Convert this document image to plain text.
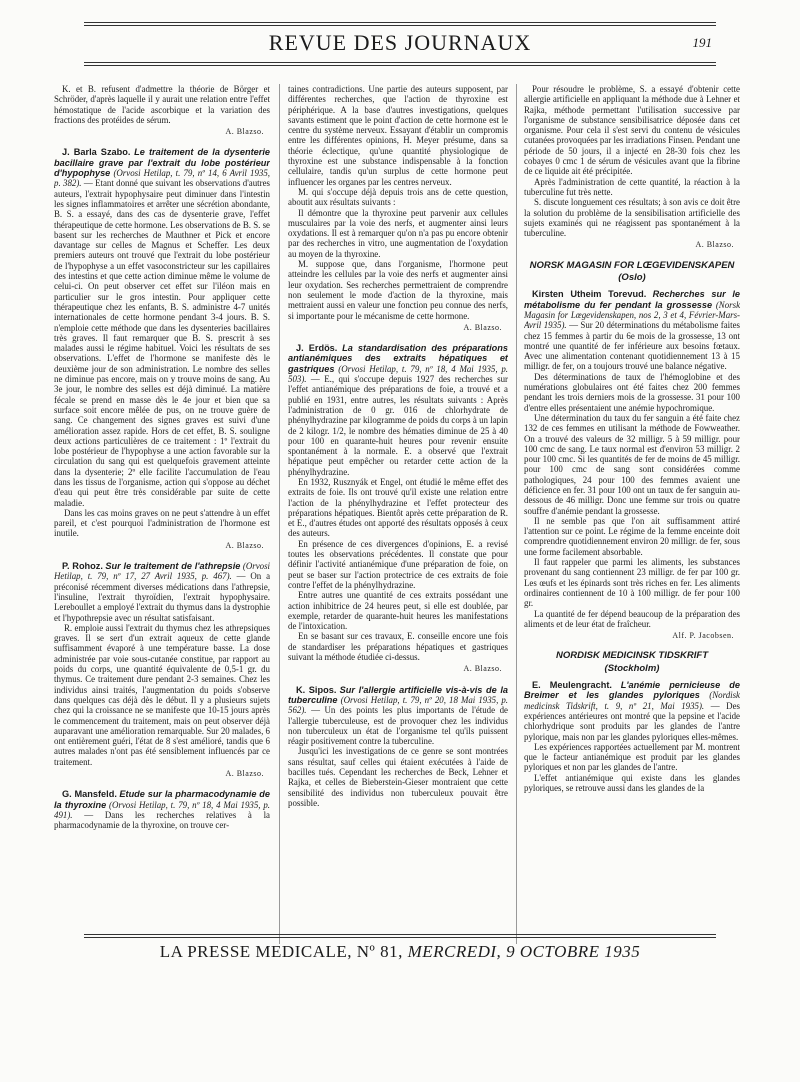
REVUE DES JOURNAUX	191

K. et B. refusent d'admettre la théorie de Börger et Schröder, d'après laquelle il y aurait une relation entre l'effet hémostatique de l'acide ascorbique et la variation des fractions des protéides de sérum.

A. Blazso.

J. Barla Szabo. Le traitement de la dysenterie bacillaire grave par l'extrait du lobe postérieur d'hypophyse (Orvosi Hetilap, t. 79, nº 14, 6 Avril 1935, p. 382). — Etant donné que suivant les observations d'autres auteurs, l'extrait hypophysaire peut diminuer dans l'intestin les signes inflammatoires et arrêter une sécrétion abondante, B. S. a essayé, dans des cas de dysenterie grave, l'effet thérapeutique de cette hormone. Les observations de B. S. se basent sur les recherches de Mauthner et Pick et encore davantage sur celles de Magnus et Scheffer. Les deux premiers auteurs ont trouvé que l'extrait du lobe postérieur de l'hypophyse a un effet vasoconstricteur sur les capillaires des intestins et que cette action diminue même le volume de celui-ci. On peut observer cet effet sur l'iléon mais en particulier sur le gros intestin. Pour appliquer cette thérapeutique chez les enfants, B. S. administre 4-7 unités internationales de cette hormone pendant 3-4 jours. B. S. n'emploie cette méthode que dans les dysenteries bacillaires très graves. Il faut remarquer que B. S. prescrit à ses malades aussi le régime habituel. Voici les résultats de ses observations. L'effet de l'hormone se manifeste dès le deuxième jour de son administration. Le nombre des selles ne diminue pas encore, mais on y trouve moins de sang. Au 3e jour, le nombre des selles est déjà diminué. La matière fécale se prend en masse dès le 4e jour et bien que sa surface soit encore mêlée de pus, on ne trouve guère de sang. Ce changement des signes graves est suivi d'une amélioration assez rapide. Hors de cet effet, B. S. souligne deux actions particulières de ce traitement : 1º l'extrait du lobe postérieur de l'hypophyse a une action favorable sur la circulation du sang qui est quelquefois gravement atteinte dans la dysenterie; 2º elle facilite l'accumulation de l'eau dans les tissus de l'organisme, action qui s'oppose au déchet d'eau qui peut être très considérable par suite de cette maladie.

Dans les cas moins graves on ne peut s'attendre à un effet pareil, et c'est pourquoi l'administration de l'hormone est inutile.

A. Blazso.

P. Rohoz. Sur le traitement de l'athrepsie (Orvosi Hetilap, t. 79, nº 17, 27 Avril 1935, p. 467). — On a préconisé récemment diverses médications dans l'athrepsie, l'insuline, l'extrait thyroïdien, l'extrait hypophysaire. Lereboullet a employé l'extrait du thymus dans la dystrophie et l'hypothrepsie avec un résultat satisfaisant.

R. emploie aussi l'extrait du thymus chez les athrepsiques graves. Il se sert d'un extrait aqueux de cette glande suffisamment évaporé à une température basse. La dose administrée par voie sous-cutanée constitue, par rapport au poids du corps, une quantité équivalente de 0,5-1 gr. du thymus. Ce traitement dure pendant 2-3 semaines. Chez les individus ainsi traités, l'augmentation du poids s'observe dans quelques cas déjà dès le début. Il y a plusieurs sujets chez qui la croissance ne se manifeste que 10-15 jours après le commencement du traitement, mais on peut observer déjà auparavant une amélioration remarquable. Sur 20 malades, 6 ont entièrement guéri, l'état de 8 s'est amélioré, tandis que 6 autres malades n'ont pas été sensiblement influencés par ce traitement.

A. Blazso.

G. Mansfeld. Etude sur la pharmacodynamie de la thyroxine (Orvosi Hetilap, t. 79, nº 18, 4 Mai 1935, p. 491). — Dans les recherches relatives à la pharmacodynamie de la thyroxine, on trouve cer-

taines contradictions. Une partie des auteurs supposent, par différentes recherches, que l'action de thyroxine est périphérique. A la base d'autres investigations, quelques savants estiment que le point d'action de cette hormone est le centre du système nerveux. Essayant d'établir un compromis entre les différentes opinions, H. Meyer présume, dans sa théorie éclectique, qu'une quantité physiologique de thyroxine est une substance indispensable à la fonction cellulaire, tandis qu'un surplus de cette hormone peut influencer les organes par les centres nerveux.

M. qui s'occupe déjà depuis trois ans de cette question, aboutit aux résultats suivants :

Il démontre que la thyroxine peut parvenir aux cellules musculaires par la voie des nerfs, et augmenter ainsi leurs oxydations. Il est à remarquer qu'on n'a pas pu encore obtenir par des recherches in vitro, une augmentation de l'oxydation au moyen de la thyroxine.

M. suppose que, dans l'organisme, l'hormone peut atteindre les cellules par la voie des nerfs et augmenter ainsi leur oxydation. Ses recherches permettraient de comprendre non seulement le mode d'action de la thyroxine, mais mettraient aussi en valeur une fonction peu connue des nerfs, si importante pour le mécanisme de cette hormone.

A. Blazso.

J. Erdös. La standardisation des préparations antianémiques des extraits hépatiques et gastriques (Orvosi Hetilap, t. 79, nº 18, 4 Mai 1935, p. 503). — E., qui s'occupe depuis 1927 des recherches sur l'effet antianémique des préparations de foie, a trouvé et a publié en 1931, entre autres, les résultats suivants : Après l'administration de 0 gr. 016 de chlorhydrate de phénylhydrazine par kilogramme de poids du corps à un lapin de 2 kilogr. 1/2, le nombre des hématies diminue de 25 à 40 pour 100 en quarante-huit heures pour revenir ensuite spontanément à la normale. E. a observé que l'extrait hépatique peut empêcher ou retarder cette action de la phénylhydrazine.

En 1932, Rusznyák et Engel, ont étudié le même effet des extraits de foie. Ils ont trouvé qu'il existe une relation entre l'action de la phénylhydrazine et l'effet protecteur des préparations hépatiques. Bientôt après cette préparation de R. et E., d'autres études ont apporté des résultats opposés à ceux des auteurs.

En présence de ces divergences d'opinions, E. a revisé toutes les observations précédentes. Il constate que pour définir l'activité antianémique d'une préparation de foie, on peut se baser sur l'action protectrice de ces extraits de foie contre l'effet de la phénylhydrazine.

Entre autres une quantité de ces extraits possédant une action inhibitrice de 24 heures peut, si elle est doublée, par exemple, retarder de quarante-huit heures les manifestations de l'intoxication.

En se basant sur ces travaux, E. conseille encore une fois de standardiser les préparations hépatiques et gastriques suivant la méthode étudiée ci-dessus.

A. Blazso.

K. Sipos. Sur l'allergie artificielle vis-à-vis de la tuberculine (Orvosi Hetilap, t. 79, nº 20, 18 Mai 1935, p. 562). — Un des points les plus importants de l'étude de l'allergie tuberculeuse, est de provoquer chez les individus non tuberculeux un état de l'organisme tel qu'ils puissent réagir positivement contre la tuberculine.

Jusqu'ici les investigations de ce genre se sont montrées sans résultat, sauf celles qui étaient exécutées à l'aide de bacilles tués. Cependant les recherches de Beck, Lehner et Rajka, et celles de Bieberstein-Gieser montraient que cette sensibilité des individus non tuberculeux pouvait être possible.

Pour résoudre le problème, S. a essayé d'obtenir cette allergie artificielle en appliquant la méthode due à Lehner et Rajka, méthode permettant l'utilisation successive par l'organisme de substance sensibilisatrice déposée dans cet organisme. Pour cela il s'est servi du contenu de vésicules cutanées provoquées par les irradiations Finsen. Pendant une période de 50 jours, il a injecté en 28-30 fois chez les cobayes 0 cmc 1 de sérum de vésicules avant que la fibrine de ce liquide ait été précipitée.

Après l'administration de cette quantité, la réaction à la tuberculine fut très nette.

S. discute longuement ces résultats; à son avis ce doit être la solution du problème de la sensibilisation artificielle des sujets examinés qui ne réagissent pas spontanément à la tuberculine.

A. Blazso.
NORSK MAGASIN FOR LŒGEVIDENSKAPEN
(Oslo)

Kirsten Utheim Torevud. Recherches sur le métabolisme du fer pendant la grossesse (Norsk Magasin for Lœgevidenskapen, nos 2, 3 et 4, Février-Mars-Avril 1935). — Sur 20 déterminations du métabolisme faites chez 15 femmes à partir du 6e mois de la grossesse, 13 ont montré une quantité de fer inférieure aux besoins fœtaux. Avec une alimentation contenant quotidiennement 13 à 15 milligr. de fer, on a toujours trouvé une balance négative.

Des déterminations de taux de l'hémoglobine et des numérations globulaires ont été faites chez 200 femmes pendant les trois derniers mois de la grossesse. 31 pour 100 d'entre elles présentaient une anémie hypochromique.

Une détermination du taux du fer sanguin a été faite chez 132 de ces femmes en utilisant la méthode de Fowweather. On a trouvé des valeurs de 32 milligr. 5 à 59 milligr. pour 100 cmc de sang. Le taux normal est d'environ 53 milligr. 2 pour 100 cmc. Si les quantités de fer de moins de 45 milligr. pour 100 cmc de sang sont considérées comme pathologiques, 24 pour 100 des femmes avaient une déficience en fer. 31 pour 100 ont un taux de fer sanguin au-dessous de 46 milligr. Donc une femme sur trois ou quatre souffre d'anémie pendant la grossesse.

Il ne semble pas que l'on ait suffisamment attiré l'attention sur ce point. Le régime de la femme enceinte doit comprendre quotidiennement environ 20 milligr. de fer, sous une forme facilement absorbable.

Il faut rappeler que parmi les aliments, les substances provenant du sang contiennent 23 milligr. de fer par 100 gr. Les œufs et les épinards sont très riches en fer. Les aliments ordinaires contiennent de 10 à 100 milligr. de fer pour 100 gr.

La quantité de fer dépend beaucoup de la préparation des aliments et de leur état de fraîcheur.

Alf. P. Jacobsen.
NORDISK MEDICINSK TIDSKRIFT
(Stockholm)

E. Meulengracht. L'anémie pernicieuse de Breimer et les glandes pyloriques (Nordisk medicinsk Tidskrift, t. 9, nº 21, Mai 1935). — Des expériences antérieures ont montré que la pepsine et l'acide chlorhydrique sont produits par les glandes de l'antre pylorique, mais non par les glandes pyloriques elles-mêmes.

Les expériences rapportées actuellement par M. montrent que le facteur antianémique est produit par les glandes pyloriques et non par les glandes de l'antre.

L'effet antianémique qui existe dans les glandes pyloriques, se retrouve aussi dans les glandes de la

LA PRESSE MEDICALE, Nº 81, MERCREDI, 9 OCTOBRE 1935
